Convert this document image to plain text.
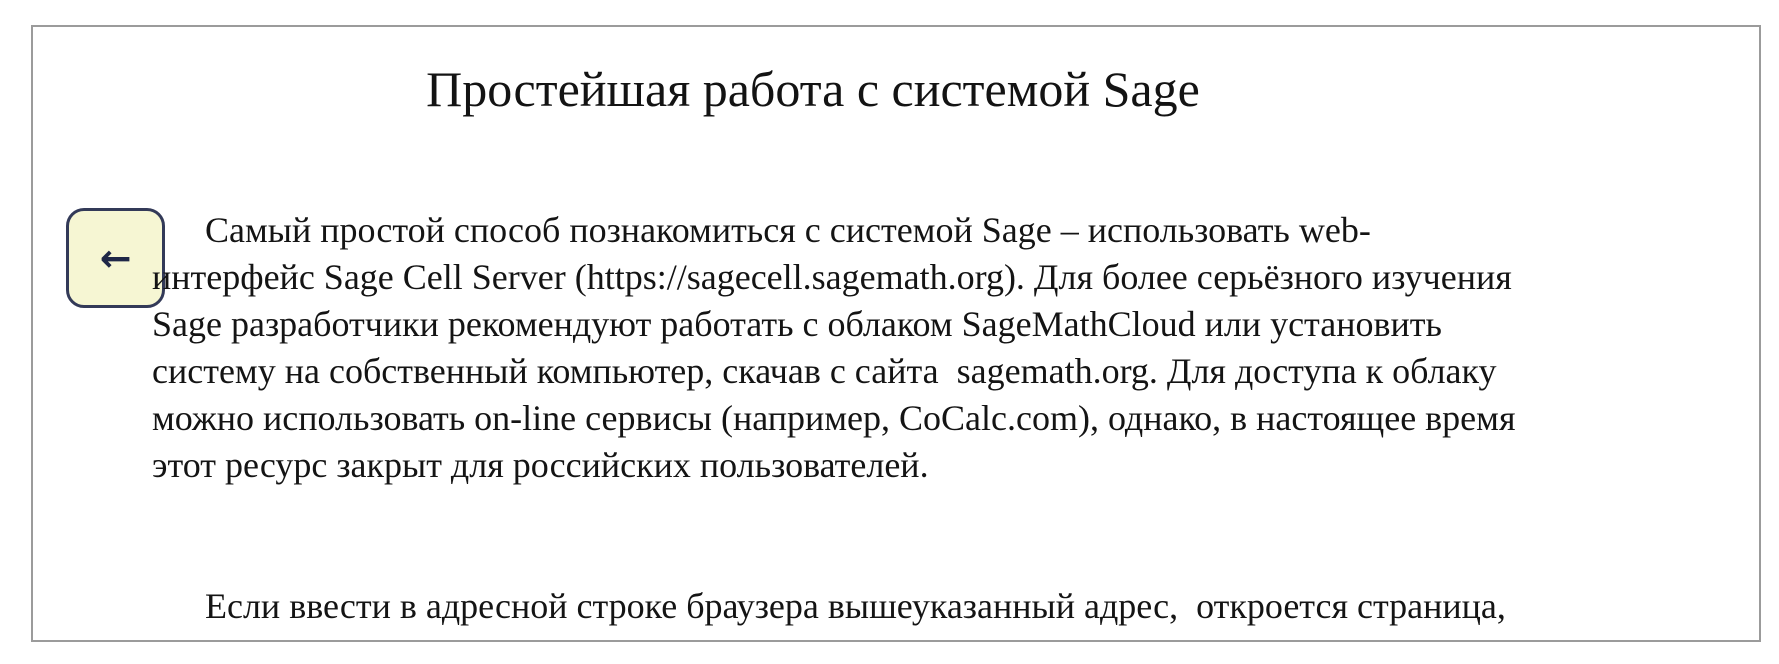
Простейшая работа с системой Sage
←
Самый простой способ познакомиться с системой Sage – использовать web-
интерфейс Sage Cell Server (https://sagecell.sagemath.org). Для более серьёзного изучения
Sage разработчики рекомендуют работать с облаком SageMathCloud или установить
систему на собственный компьютер, скачав с сайта  sagemath.org. Для доступа к облаку
можно использовать on-line сервисы (например, CoCalc.com), однако, в настоящее время
этот ресурс закрыт для российских пользователей.
Если ввести в адресной строке браузера вышеуказанный адрес,  откроется страница,
